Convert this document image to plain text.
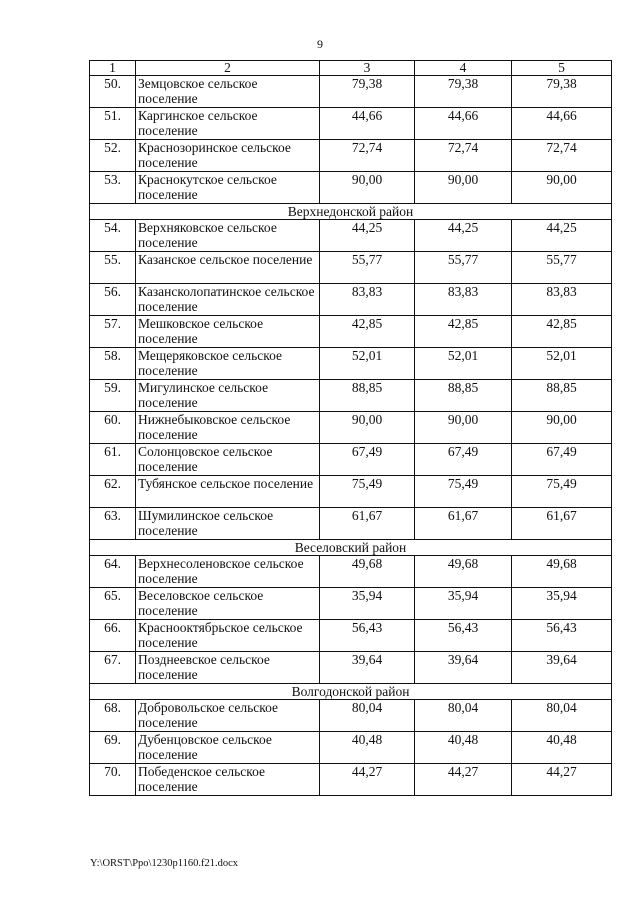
9
1	2	3	4	5
50.	Земцовское сельское поселение	79,38	79,38	79,38
51.	Каргинское сельское поселение	44,66	44,66	44,66
52.	Краснозоринское сельское поселение	72,74	72,74	72,74
53.	Краснокутское сельское поселение	90,00	90,00	90,00
Верхнедонской район				
54.	Верхняковское сельское поселение	44,25	44,25	44,25
55.	Казанское сельское поселение	55,77	55,77	55,77
56.	Казансколопатинское сельское поселение	83,83	83,83	83,83
57.	Мешковское сельское поселение	42,85	42,85	42,85
58.	Мещеряковское сельское поселение	52,01	52,01	52,01
59.	Мигулинское сельское поселение	88,85	88,85	88,85
60.	Нижнебыковское сельское поселение	90,00	90,00	90,00
61.	Солонцовское сельское поселение	67,49	67,49	67,49
62.	Тубянское сельское поселение	75,49	75,49	75,49
63.	Шумилинское сельское поселение	61,67	61,67	61,67
Веселовский район				
64.	Верхнесоленовское сельское поселение	49,68	49,68	49,68
65.	Веселовское сельское поселение	35,94	35,94	35,94
66.	Краснооктябрьское сельское поселение	56,43	56,43	56,43
67.	Позднеевское сельское поселение	39,64	39,64	39,64
Волгодонской район				
68.	Добровольское сельское поселение	80,04	80,04	80,04
69.	Дубенцовское сельское поселение	40,48	40,48	40,48
70.	Победенское сельское поселение	44,27	44,27	44,27
Y:\ORST\Ppo\1230p1160.f21.docx
